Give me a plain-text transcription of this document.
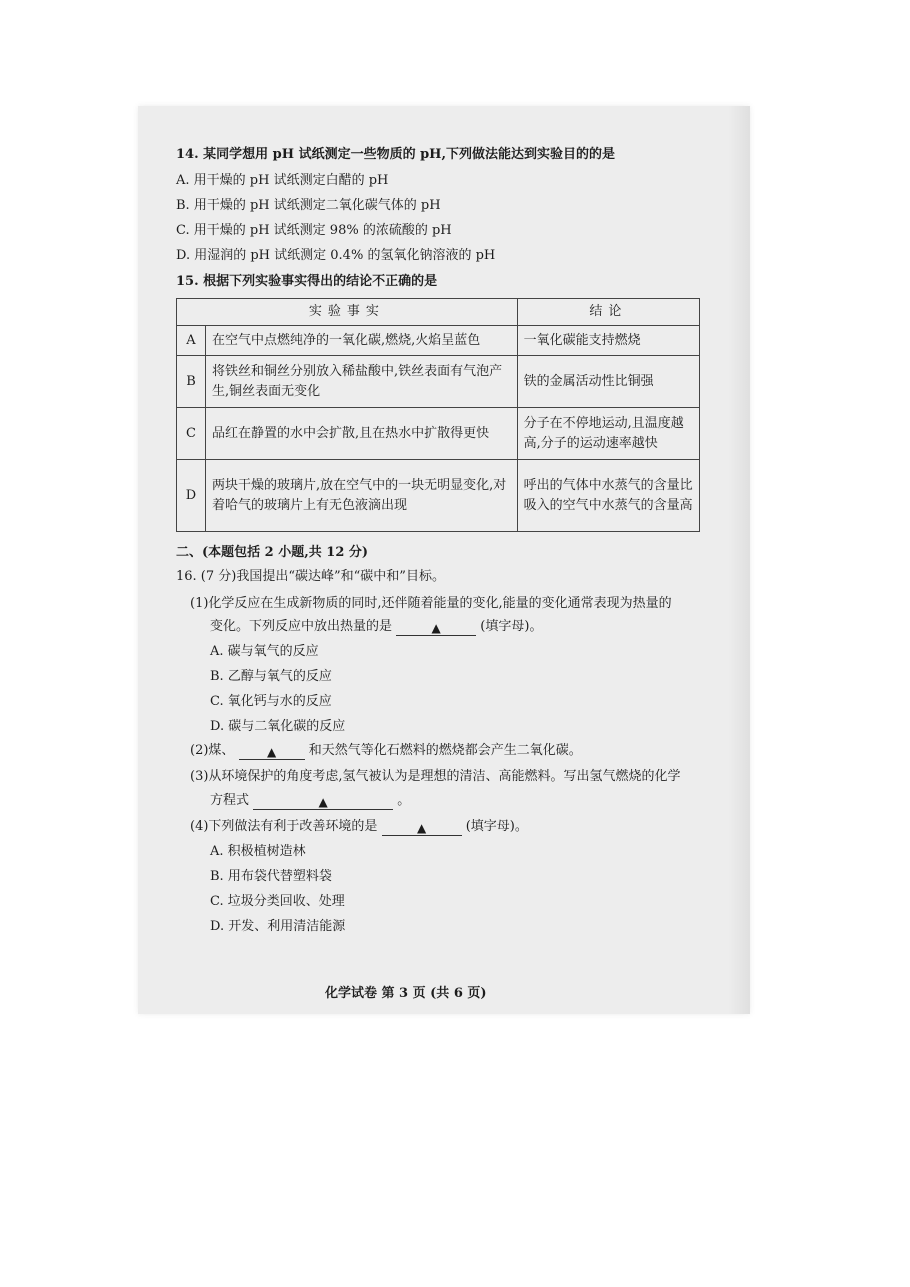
14. 某同学想用 pH 试纸测定一些物质的 pH,下列做法能达到实验目的的是
A. 用干燥的 pH 试纸测定白醋的 pH
B. 用干燥的 pH 试纸测定二氧化碳气体的 pH
C. 用干燥的 pH 试纸测定 98% 的浓硫酸的 pH
D. 用湿润的 pH 试纸测定 0.4% 的氢氧化钠溶液的 pH
15. 根据下列实验事实得出的结论不正确的是
实验事实		结论
A	在空气中点燃纯净的一氧化碳,燃烧,火焰呈蓝色	一氧化碳能支持燃烧
B	将铁丝和铜丝分别放入稀盐酸中,铁丝表面有气泡产生,铜丝表面无变化	铁的金属活动性比铜强
C	品红在静置的水中会扩散,且在热水中扩散得更快	分子在不停地运动,且温度越高,分子的运动速率越快
D	两块干燥的玻璃片,放在空气中的一块无明显变化,对着哈气的玻璃片上有无色液滴出现	呼出的气体中水蒸气的含量比吸入的空气中水蒸气的含量高
二、(本题包括 2 小题,共 12 分)
16. (7 分)我国提出“碳达峰”和“碳中和”目标。
(1)化学反应在生成新物质的同时,还伴随着能量的变化,能量的变化通常表现为热量的
变化。下列反应中放出热量的是	▲	(填字母)。
A. 碳与氧气的反应
B. 乙醇与氧气的反应
C. 氧化钙与水的反应
D. 碳与二氧化碳的反应
(2)煤、	▲	和天然气等化石燃料的燃烧都会产生二氧化碳。
(3)从环境保护的角度考虑,氢气被认为是理想的清洁、高能燃料。写出氢气燃烧的化学
方程式	▲	。
(4)下列做法有利于改善环境的是	▲	(填字母)。
A. 积极植树造林
B. 用布袋代替塑料袋
C. 垃圾分类回收、处理
D. 开发、利用清洁能源
化学试卷 第 3 页 (共 6 页)
